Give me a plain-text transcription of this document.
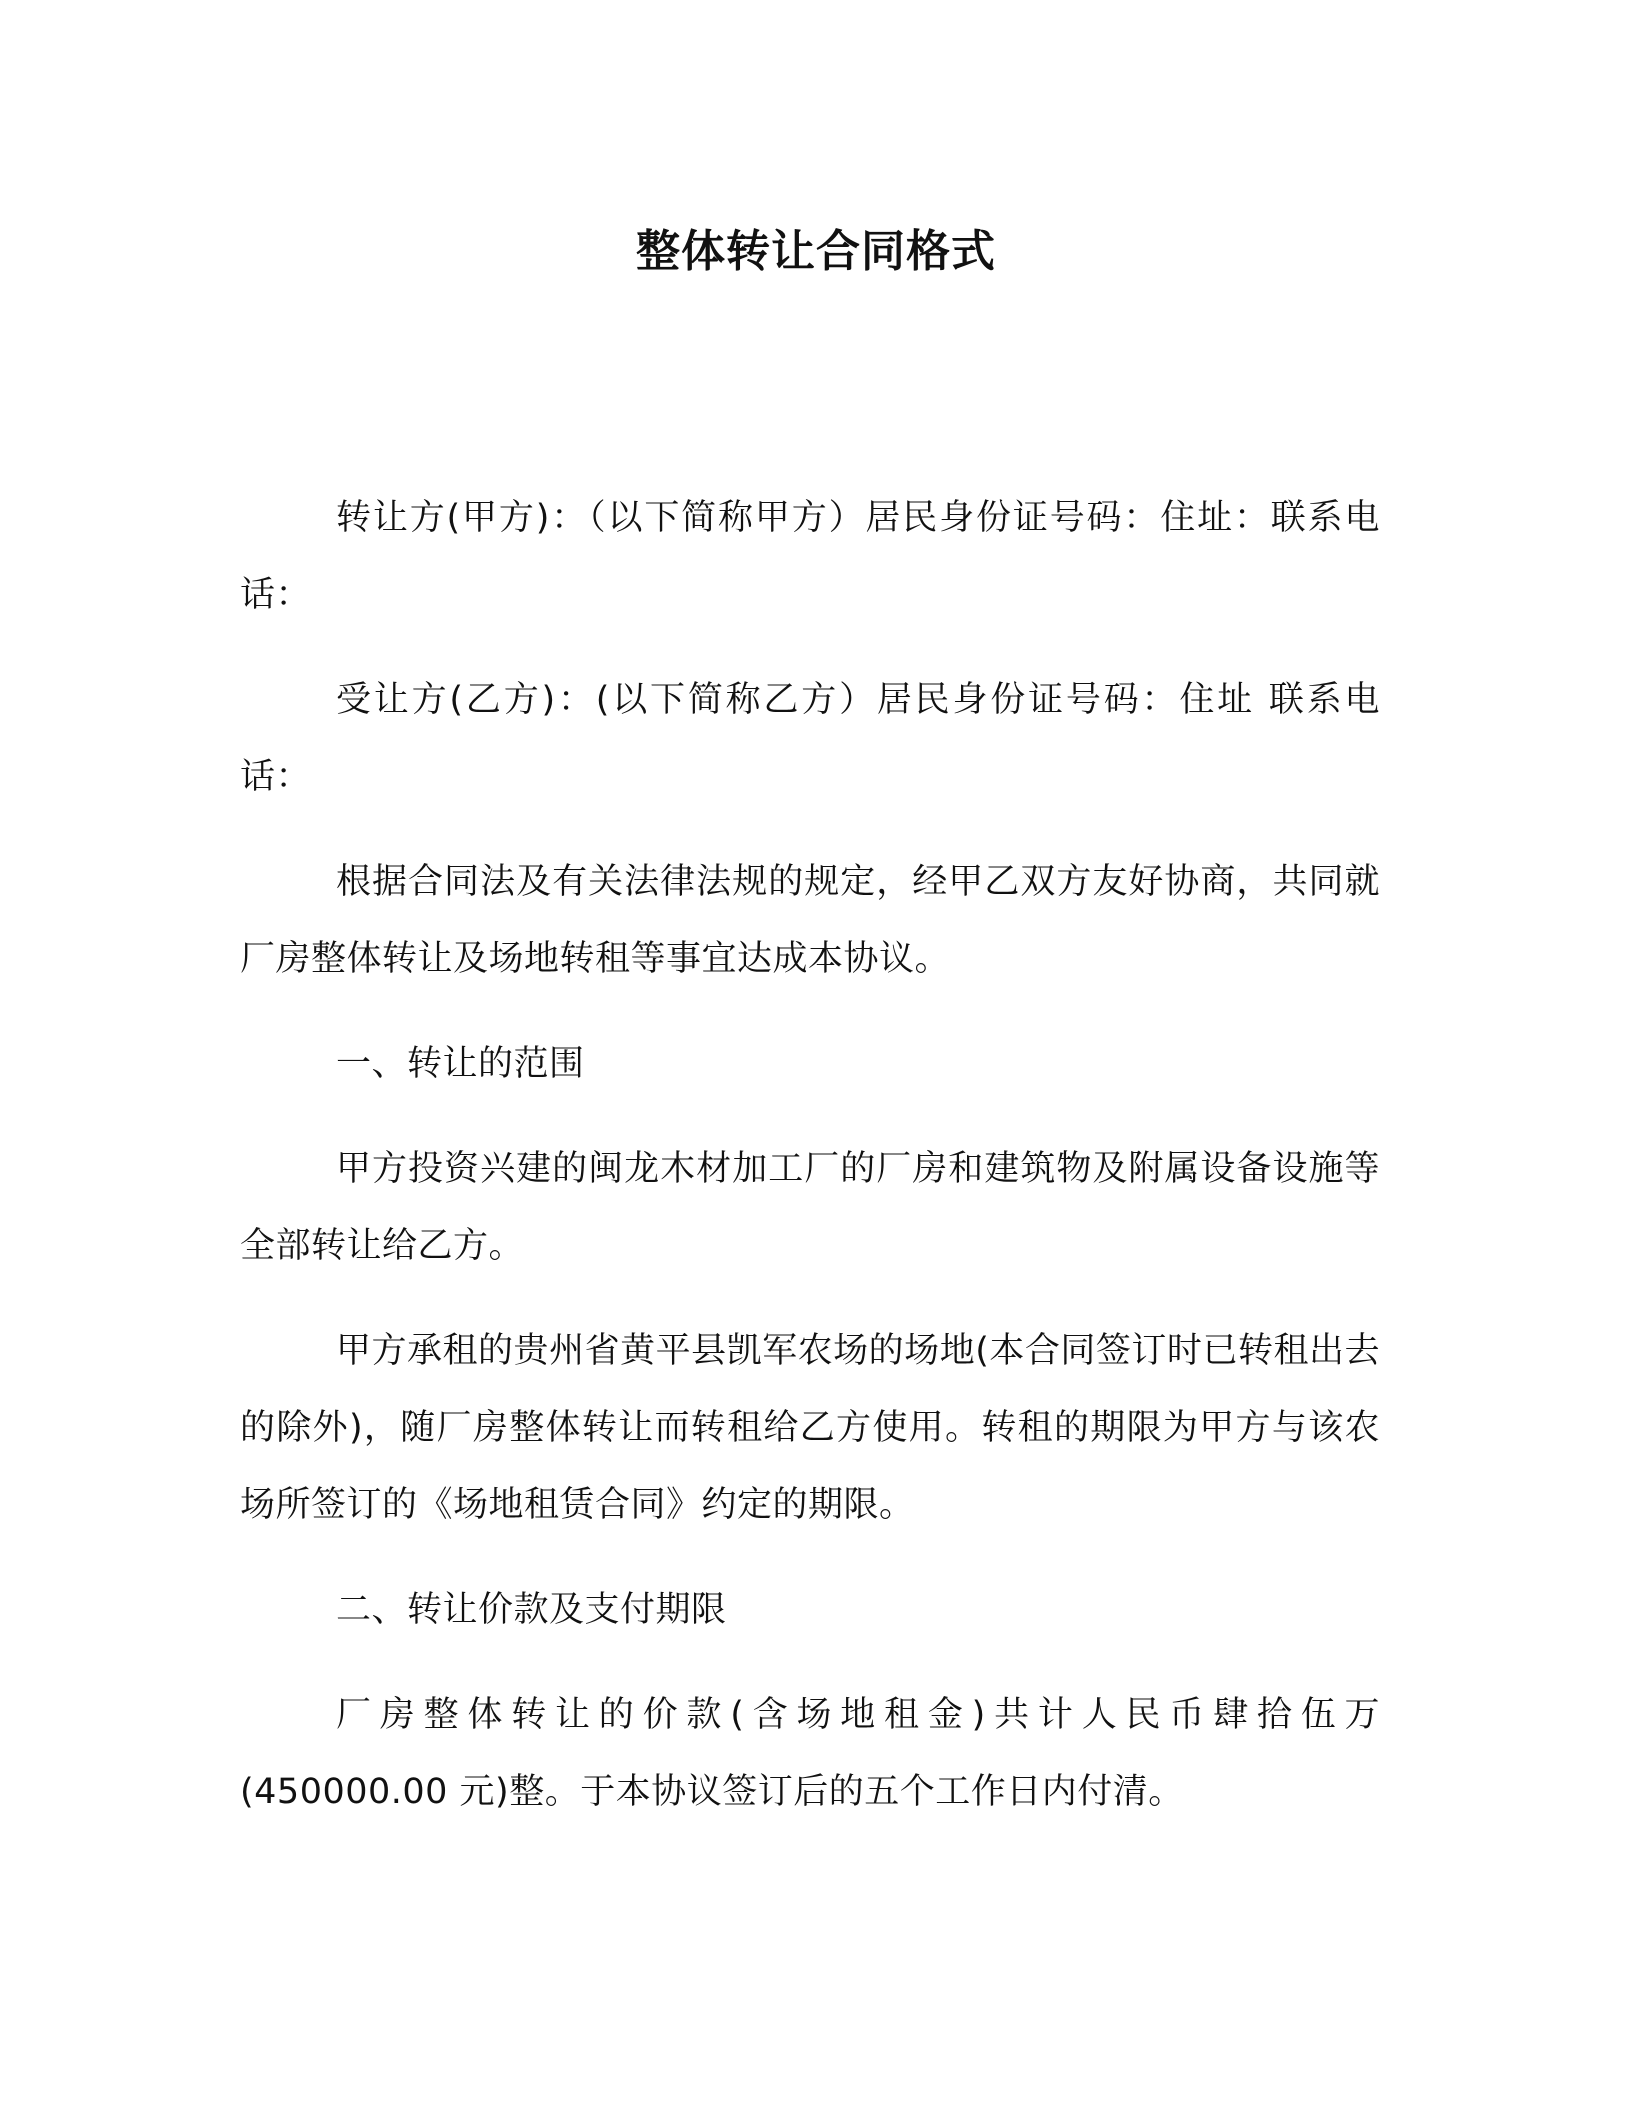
整体转让合同格式

转让方(甲方)：（以下简称甲方）居民身份证号码：住址：联系电话：

受让方(乙方)：(以下简称乙方）居民身份证号码：住址 联系电话：

根据合同法及有关法律法规的规定，经甲乙双方友好协商，共同就厂房整体转让及场地转租等事宜达成本协议。

一、转让的范围

甲方投资兴建的闽龙木材加工厂的厂房和建筑物及附属设备设施等全部转让给乙方。

甲方承租的贵州省黄平县凯军农场的场地(本合同签订时已转租出去的除外)，随厂房整体转让而转租给乙方使用。转租的期限为甲方与该农场所签订的《场地租赁合同》约定的期限。

二、转让价款及支付期限

厂房整体转让的价款(含场地租金)共计人民币肆拾伍万(450000.00 元)整。于本协议签订后的五个工作日内付清。
